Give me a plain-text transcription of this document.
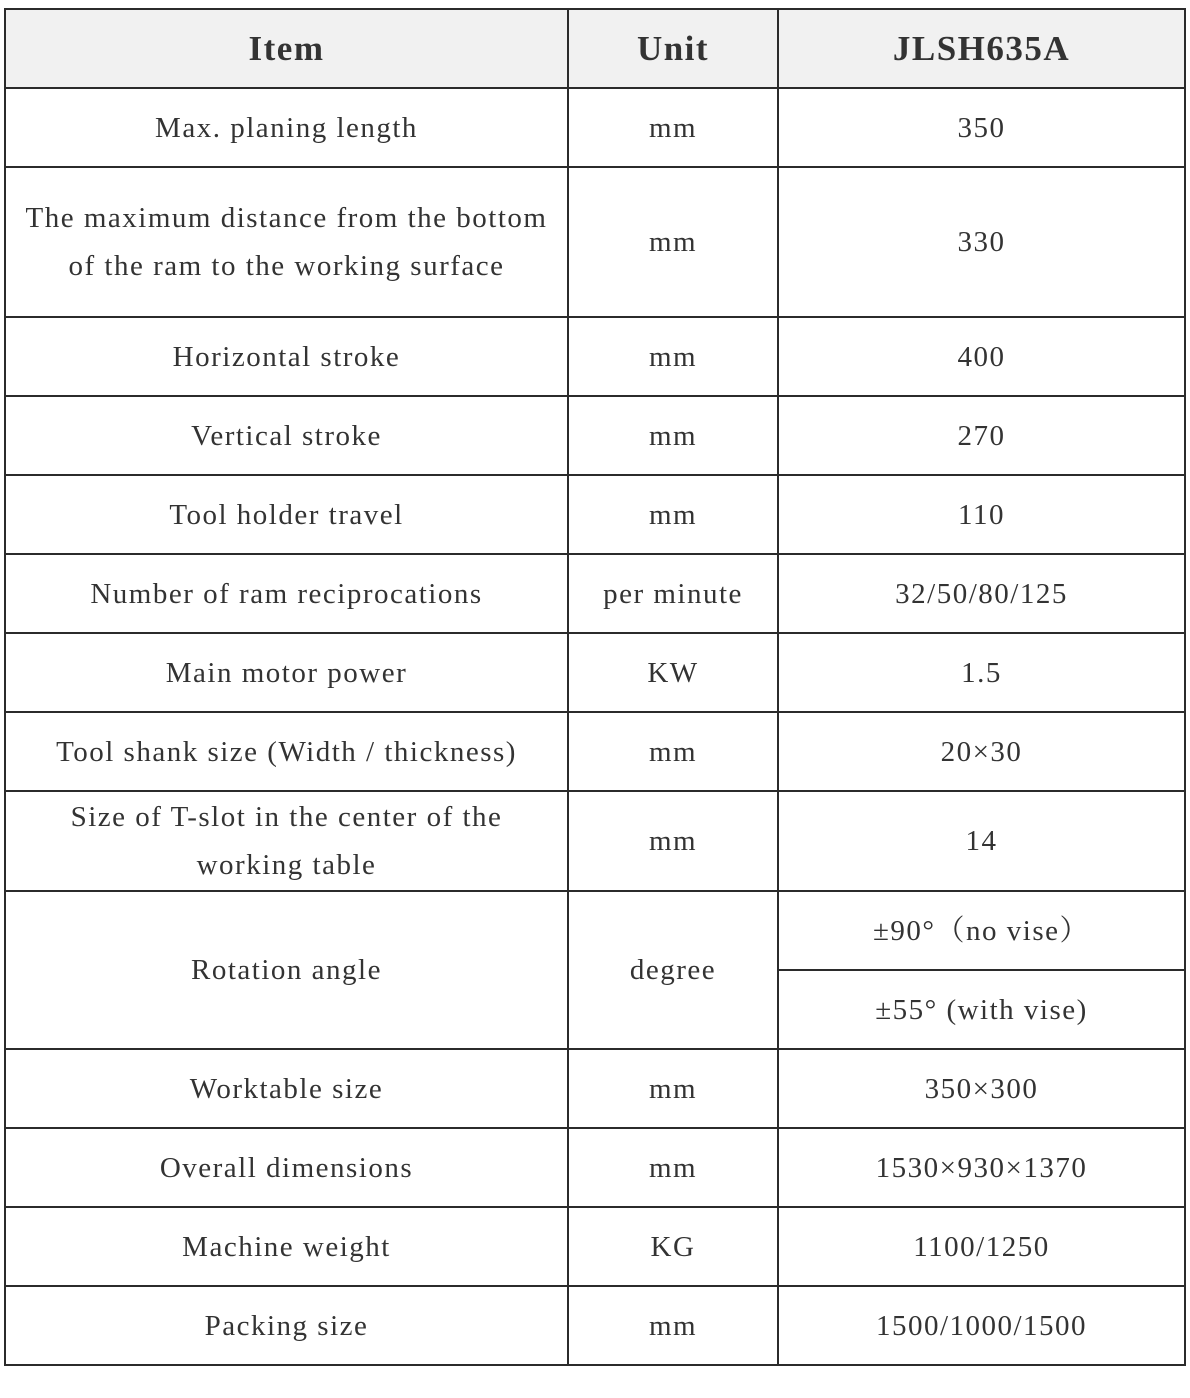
Item	Unit	JLSH635A
Max. planing length	mm	350
The maximum distance from the bottom of the ram to the working surface	mm	330
Horizontal stroke	mm	400
Vertical stroke	mm	270
Tool holder travel	mm	110
Number of ram reciprocations	per minute	32/50/80/125
Main motor power	KW	1.5
Tool shank size (Width / thickness)	mm	20×30
Size of T-slot in the center of the working table	mm	14
Rotation angle	degree	±90°（no vise）
		±55° (with vise)
Worktable size	mm	350×300
Overall dimensions	mm	1530×930×1370
Machine weight	KG	1100/1250
Packing size	mm	1500/1000/1500
